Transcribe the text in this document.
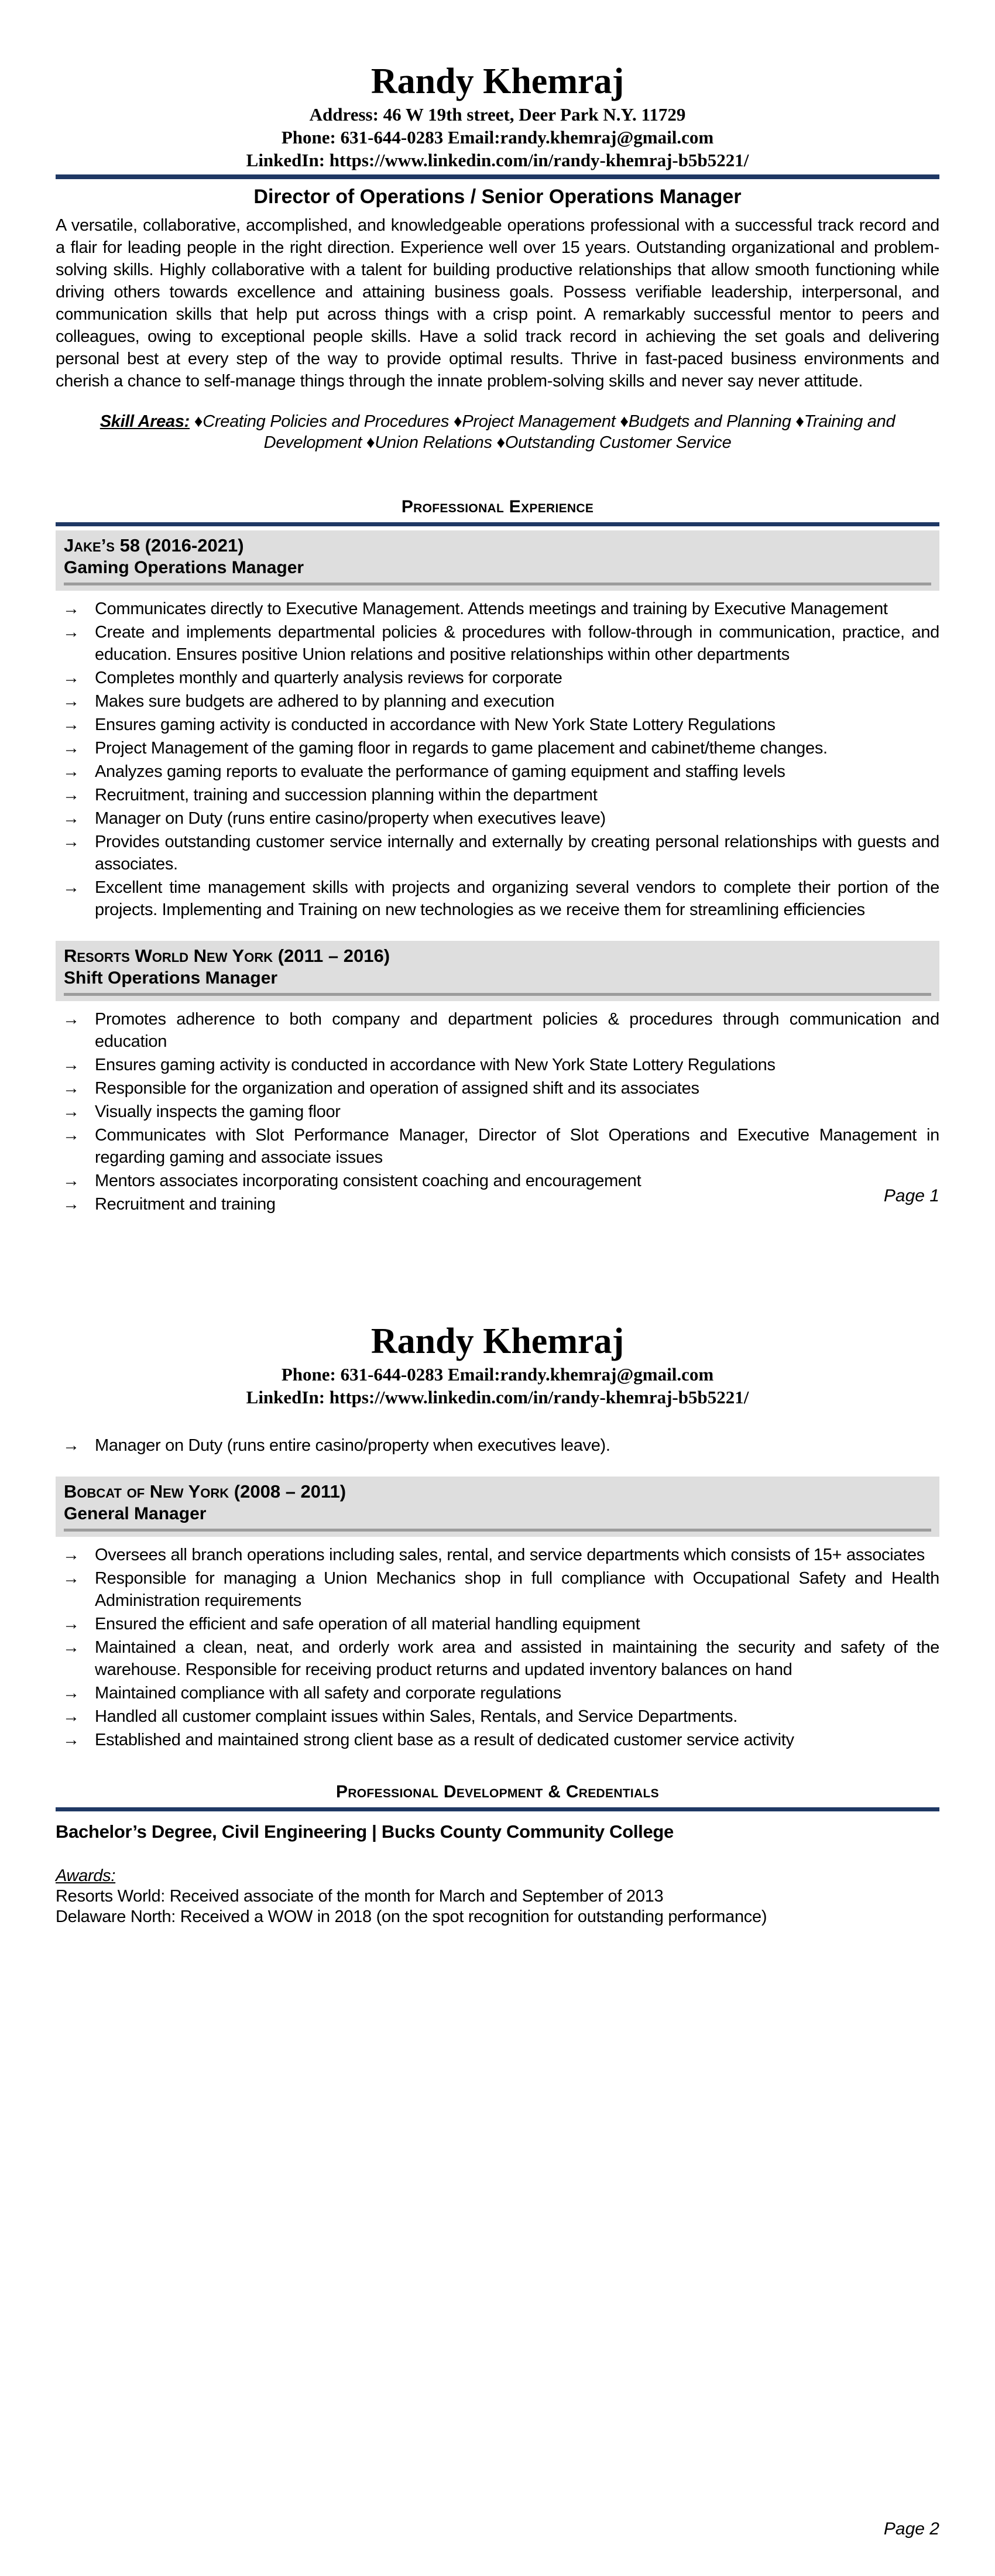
Randy Khemraj
Address: 46 W 19th street, Deer Park N.Y. 11729
Phone: 631-644-0283 Email:randy.khemraj@gmail.com
LinkedIn: https://www.linkedin.com/in/randy-khemraj-b5b5221/
Director of Operations / Senior Operations Manager
A versatile, collaborative, accomplished, and knowledgeable operations professional with a successful track record and a flair for leading people in the right direction. Experience well over 15 years. Outstanding organizational and problem-solving skills. Highly collaborative with a talent for building productive relationships that allow smooth functioning while driving others towards excellence and attaining business goals. Possess verifiable leadership, interpersonal, and communication skills that help put across things with a crisp point. A remarkably successful mentor to peers and colleagues, owing to exceptional people skills. Have a solid track record in achieving the set goals and delivering personal best at every step of the way to provide optimal results. Thrive in fast-paced business environments and cherish a chance to self-manage things through the innate problem-solving skills and never say never attitude.
Skill Areas: ♦Creating Policies and Procedures ♦Project Management ♦Budgets and Planning ♦Training and Development ♦Union Relations ♦Outstanding Customer Service
Professional Experience
Jake’s 58 (2016-2021)
Gaming Operations Manager
→ Communicates directly to Executive Management. Attends meetings and training by Executive Management
→ Create and implements departmental policies & procedures with follow-through in communication, practice, and education. Ensures positive Union relations and positive relationships within other departments
→ Completes monthly and quarterly analysis reviews for corporate
→ Makes sure budgets are adhered to by planning and execution
→ Ensures gaming activity is conducted in accordance with New York State Lottery Regulations
→ Project Management of the gaming floor in regards to game placement and cabinet/theme changes.
→ Analyzes gaming reports to evaluate the performance of gaming equipment and staffing levels
→ Recruitment, training and succession planning within the department
→ Manager on Duty (runs entire casino/property when executives leave)
→ Provides outstanding customer service internally and externally by creating personal relationships with guests and associates.
→ Excellent time management skills with projects and organizing several vendors to complete their portion of the projects. Implementing and Training on new technologies as we receive them for streamlining efficiencies
Resorts World New York (2011 – 2016)
Shift Operations Manager
→ Promotes adherence to both company and department policies & procedures through communication and education
→ Ensures gaming activity is conducted in accordance with New York State Lottery Regulations
→ Responsible for the organization and operation of assigned shift and its associates
→ Visually inspects the gaming floor
→ Communicates with Slot Performance Manager, Director of Slot Operations and Executive Management in regarding gaming and associate issues
→ Mentors associates incorporating consistent coaching and encouragement
→ Recruitment and training	Page 1
Randy Khemraj
Phone: 631-644-0283 Email:randy.khemraj@gmail.com
LinkedIn: https://www.linkedin.com/in/randy-khemraj-b5b5221/
→ Manager on Duty (runs entire casino/property when executives leave).
Bobcat of New York (2008 – 2011)
General Manager
→ Oversees all branch operations including sales, rental, and service departments which consists of 15+ associates
→ Responsible for managing a Union Mechanics shop in full compliance with Occupational Safety and Health Administration requirements
→ Ensured the efficient and safe operation of all material handling equipment
→ Maintained a clean, neat, and orderly work area and assisted in maintaining the security and safety of the warehouse. Responsible for receiving product returns and updated inventory balances on hand
→ Maintained compliance with all safety and corporate regulations
→ Handled all customer complaint issues within Sales, Rentals, and Service Departments.
→ Established and maintained strong client base as a result of dedicated customer service activity
Professional Development & Credentials
Bachelor’s Degree, Civil Engineering | Bucks County Community College
Awards:
Resorts World: Received associate of the month for March and September of 2013
Delaware North: Received a WOW in 2018 (on the spot recognition for outstanding performance)
Page 2
